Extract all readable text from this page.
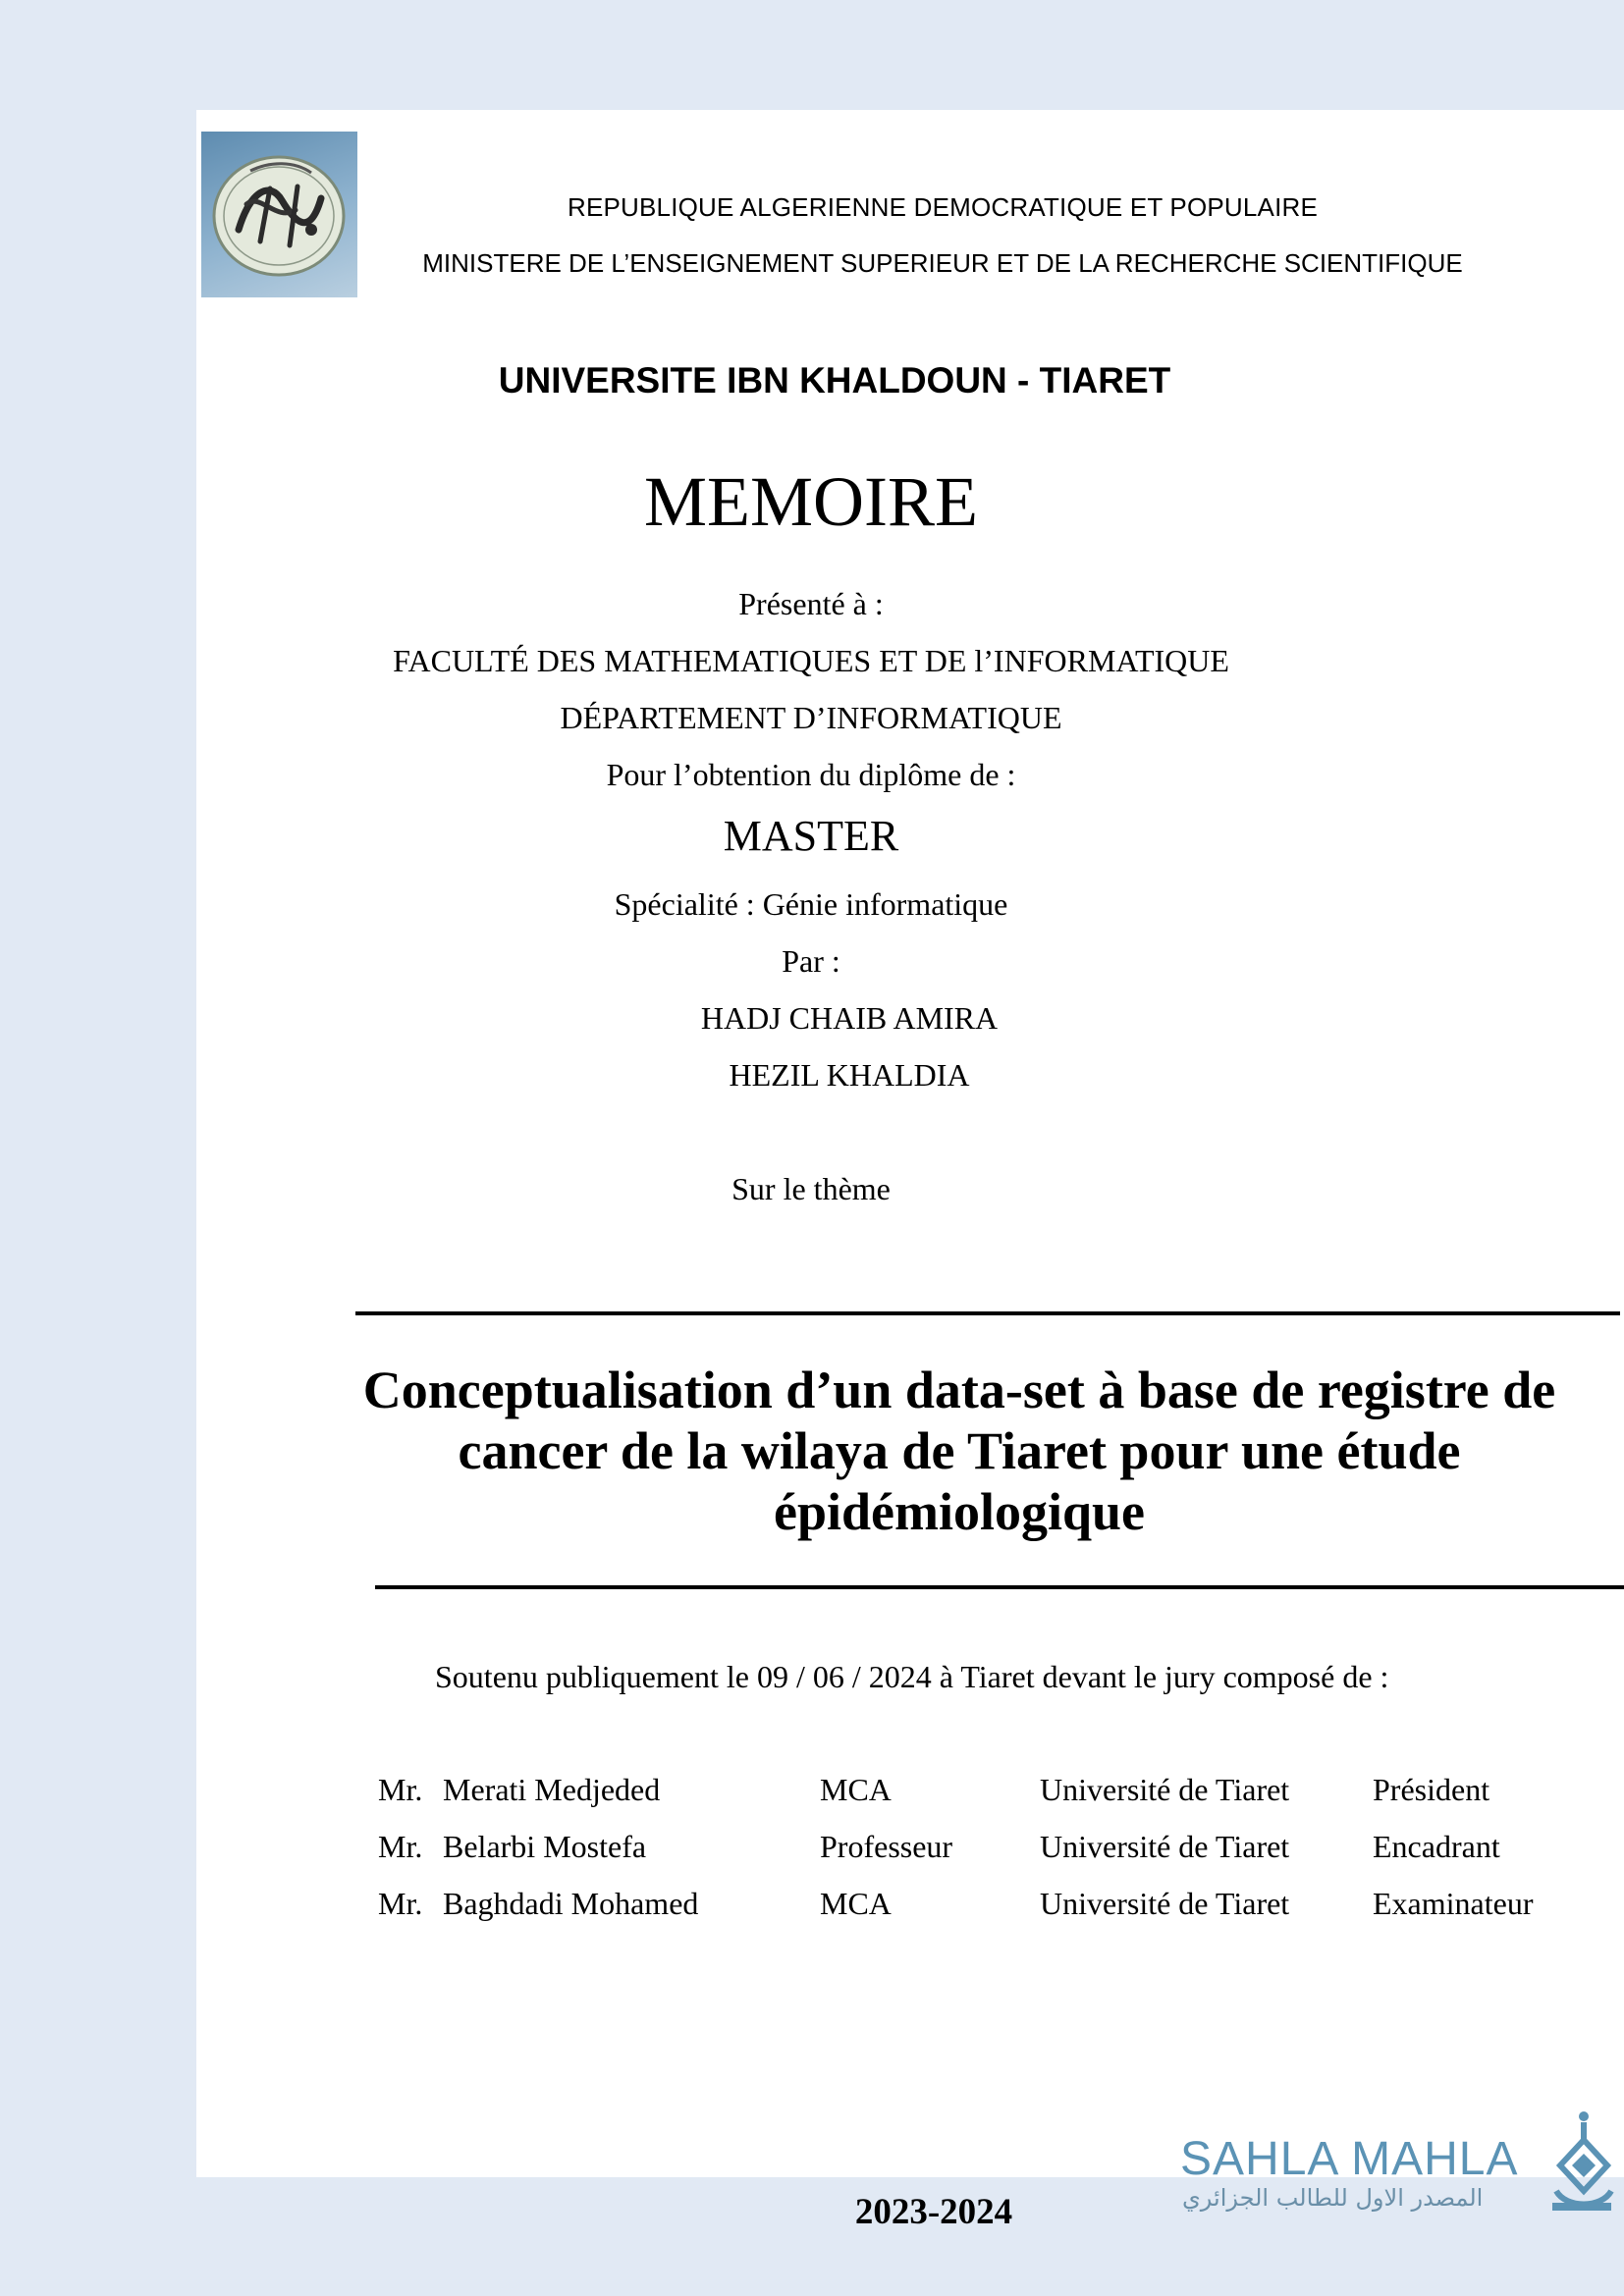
REPUBLIQUE ALGERIENNE DEMOCRATIQUE ET POPULAIRE
MINISTERE DE L’ENSEIGNEMENT SUPERIEUR ET DE LA RECHERCHE SCIENTIFIQUE
UNIVERSITE IBN KHALDOUN - TIARET
MEMOIRE
Présenté à :
FACULTÉ DES MATHEMATIQUES ET DE l’INFORMATIQUE
DÉPARTEMENT D’INFORMATIQUE
Pour l’obtention du diplôme de :
MASTER
Spécialité : Génie informatique
Par :
HADJ CHAIB AMIRA
HEZIL KHALDIA
Sur le thème
Conceptualisation d’un data-set à base de registre de cancer de la wilaya de Tiaret pour une étude épidémiologique
Soutenu publiquement le 09 / 06 / 2024 à Tiaret devant le jury composé de :
Mr. Merati Medjeded	MCA	Université de Tiaret	Président
Mr. Belarbi Mostefa	Professeur	Université de Tiaret	Encadrant
Mr. Baghdadi Mohamed	MCA	Université de Tiaret	Examinateur
SAHLA MAHLA
المصدر الاول للطالب الجزائري
2023-2024
